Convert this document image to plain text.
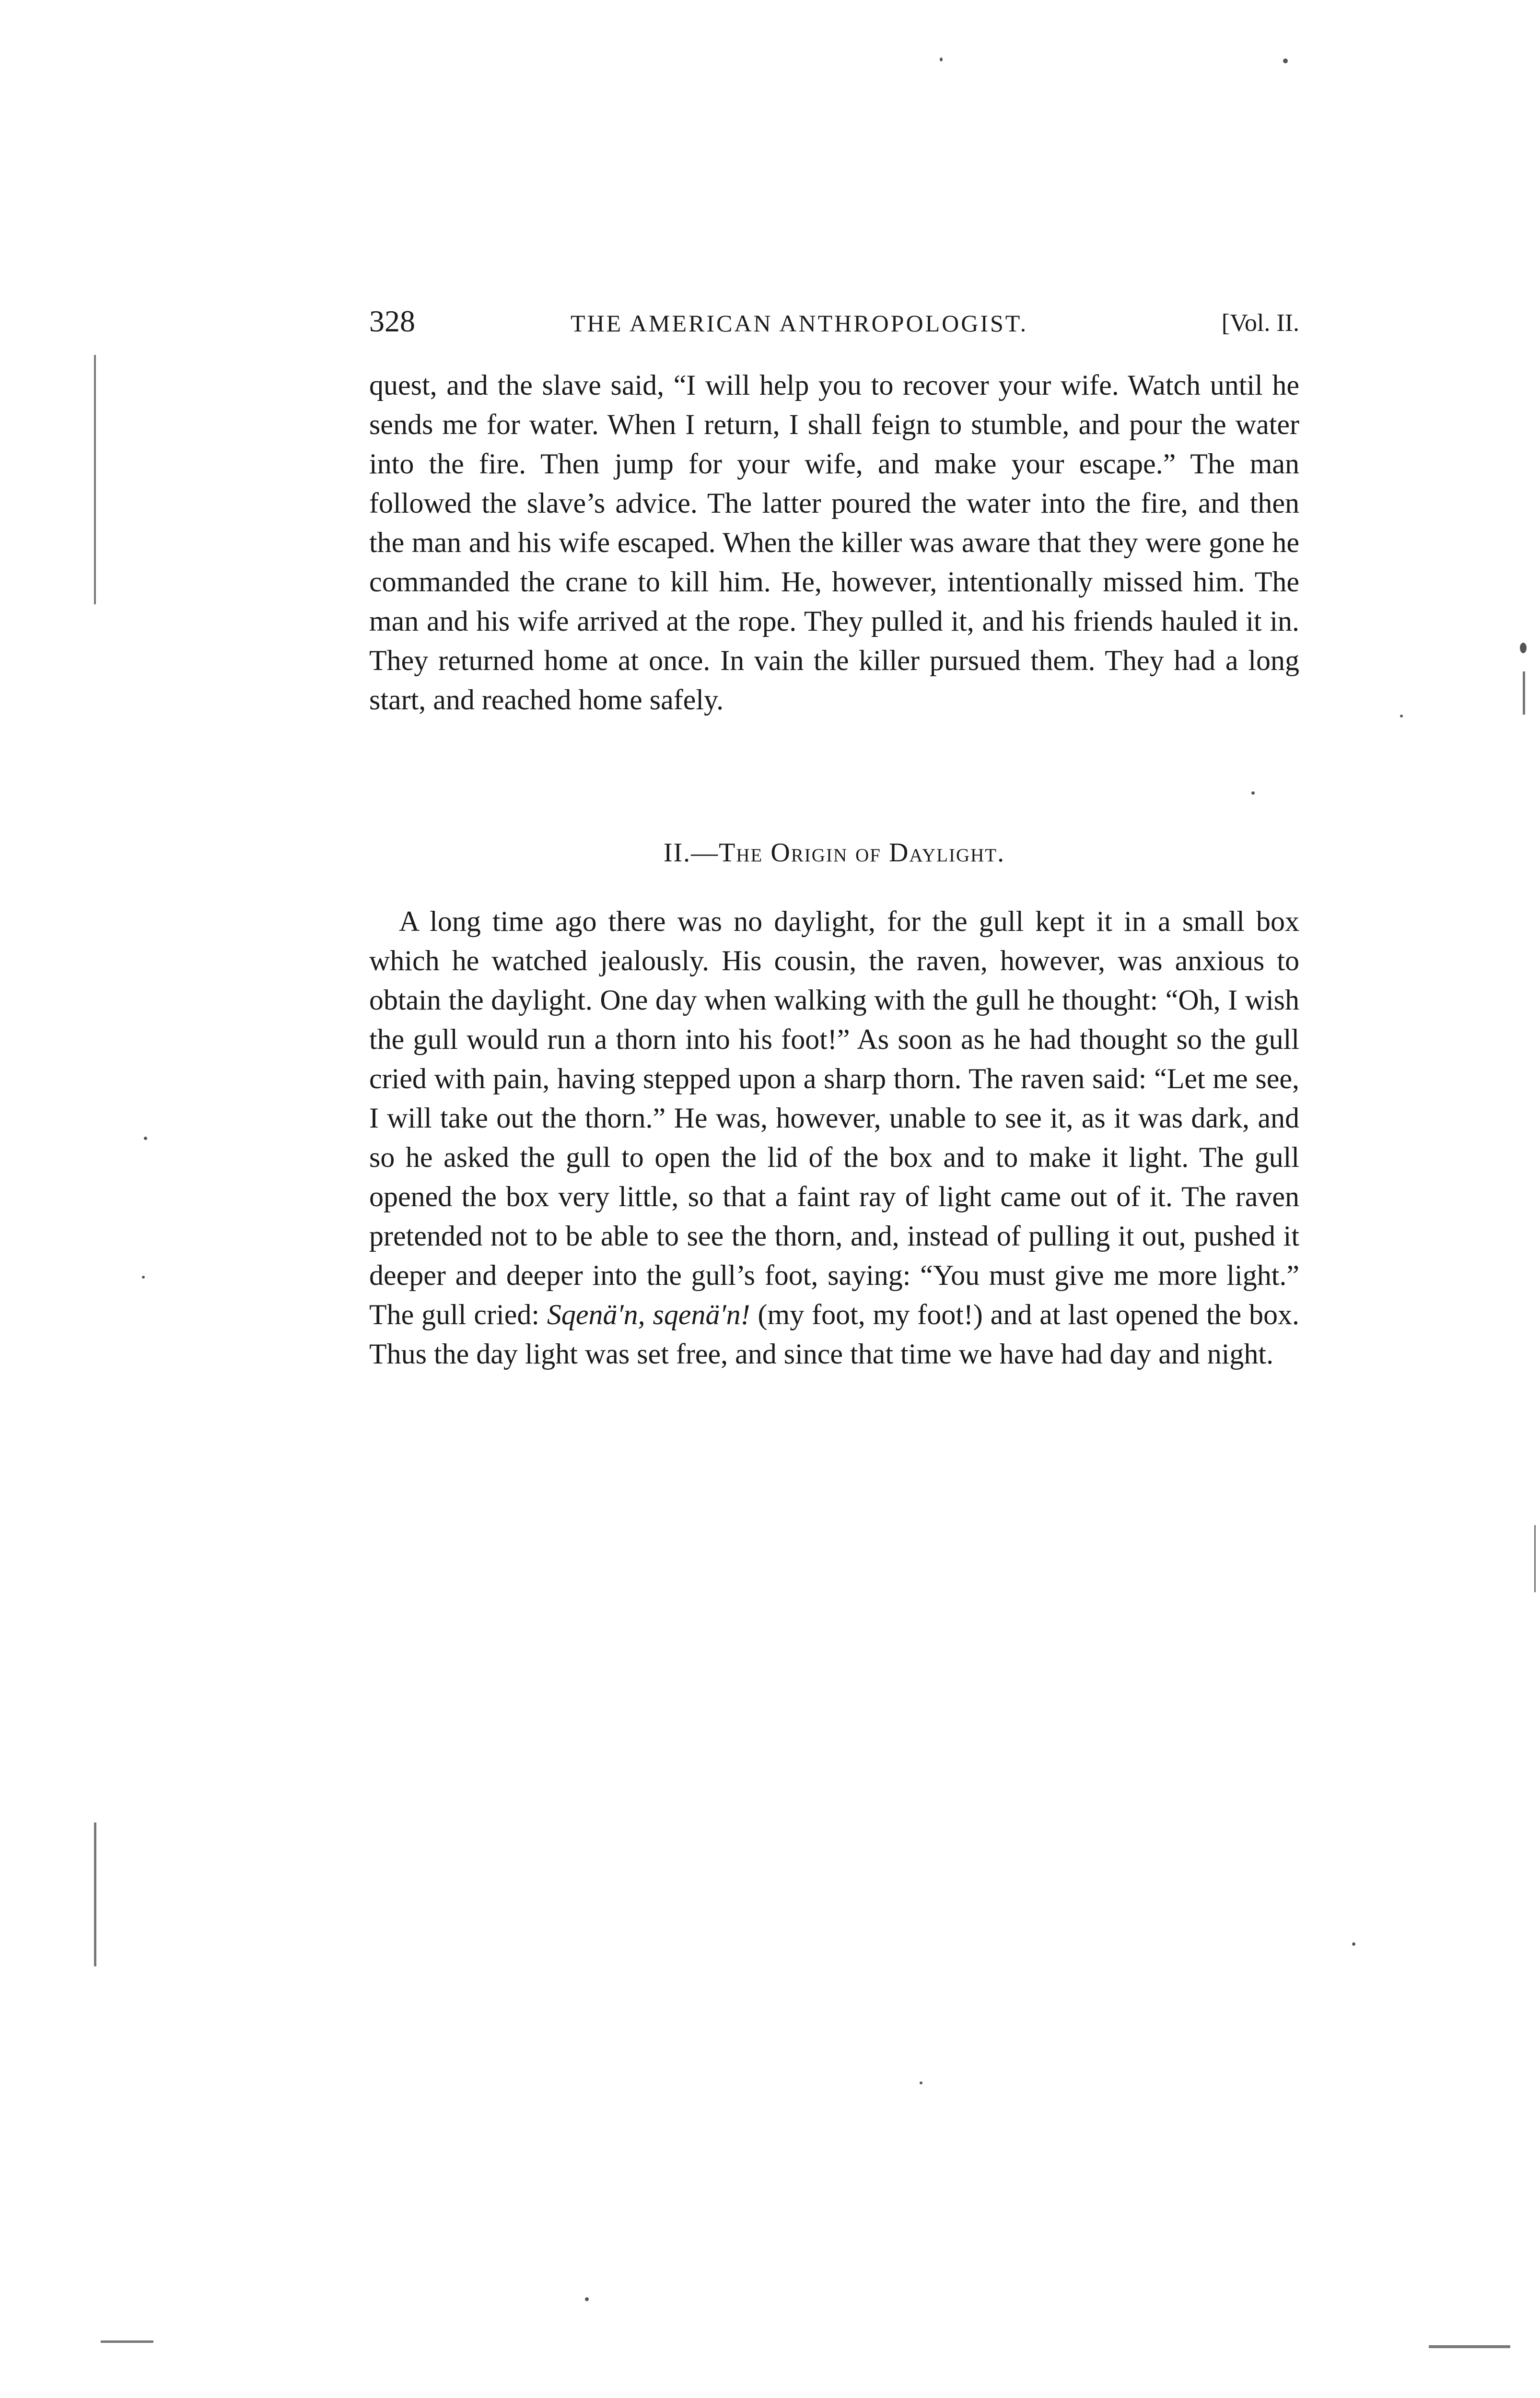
328	THE AMERICAN ANTHROPOLOGIST.	[Vol. II.

quest, and the slave said, “I will help you to recover your wife. Watch until he sends me for water. When I return, I shall feign to stumble, and pour the water into the fire. Then jump for your wife, and make your escape.” The man followed the slave’s advice. The latter poured the water into the fire, and then the man and his wife escaped. When the killer was aware that they were gone he commanded the crane to kill him. He, however, intentionally missed him. The man and his wife arrived at the rope. They pulled it, and his friends hauled it in. They returned home at once. In vain the killer pursued them. They had a long start, and reached home safely.

II.—The Origin of Daylight.

A long time ago there was no daylight, for the gull kept it in a small box which he watched jealously. His cousin, the raven, however, was anxious to obtain the daylight. One day when walking with the gull he thought: “Oh, I wish the gull would run a thorn into his foot!” As soon as he had thought so the gull cried with pain, having stepped upon a sharp thorn. The raven said: “Let me see, I will take out the thorn.” He was, however, unable to see it, as it was dark, and so he asked the gull to open the lid of the box and to make it light. The gull opened the box very little, so that a faint ray of light came out of it. The raven pretended not to be able to see the thorn, and, instead of pulling it out, pushed it deeper and deeper into the gull’s foot, saying: “You must give me more light.” The gull cried: Sqenä′n, sqenä′n! (my foot, my foot!) and at last opened the box. Thus the day light was set free, and since that time we have had day and night.
